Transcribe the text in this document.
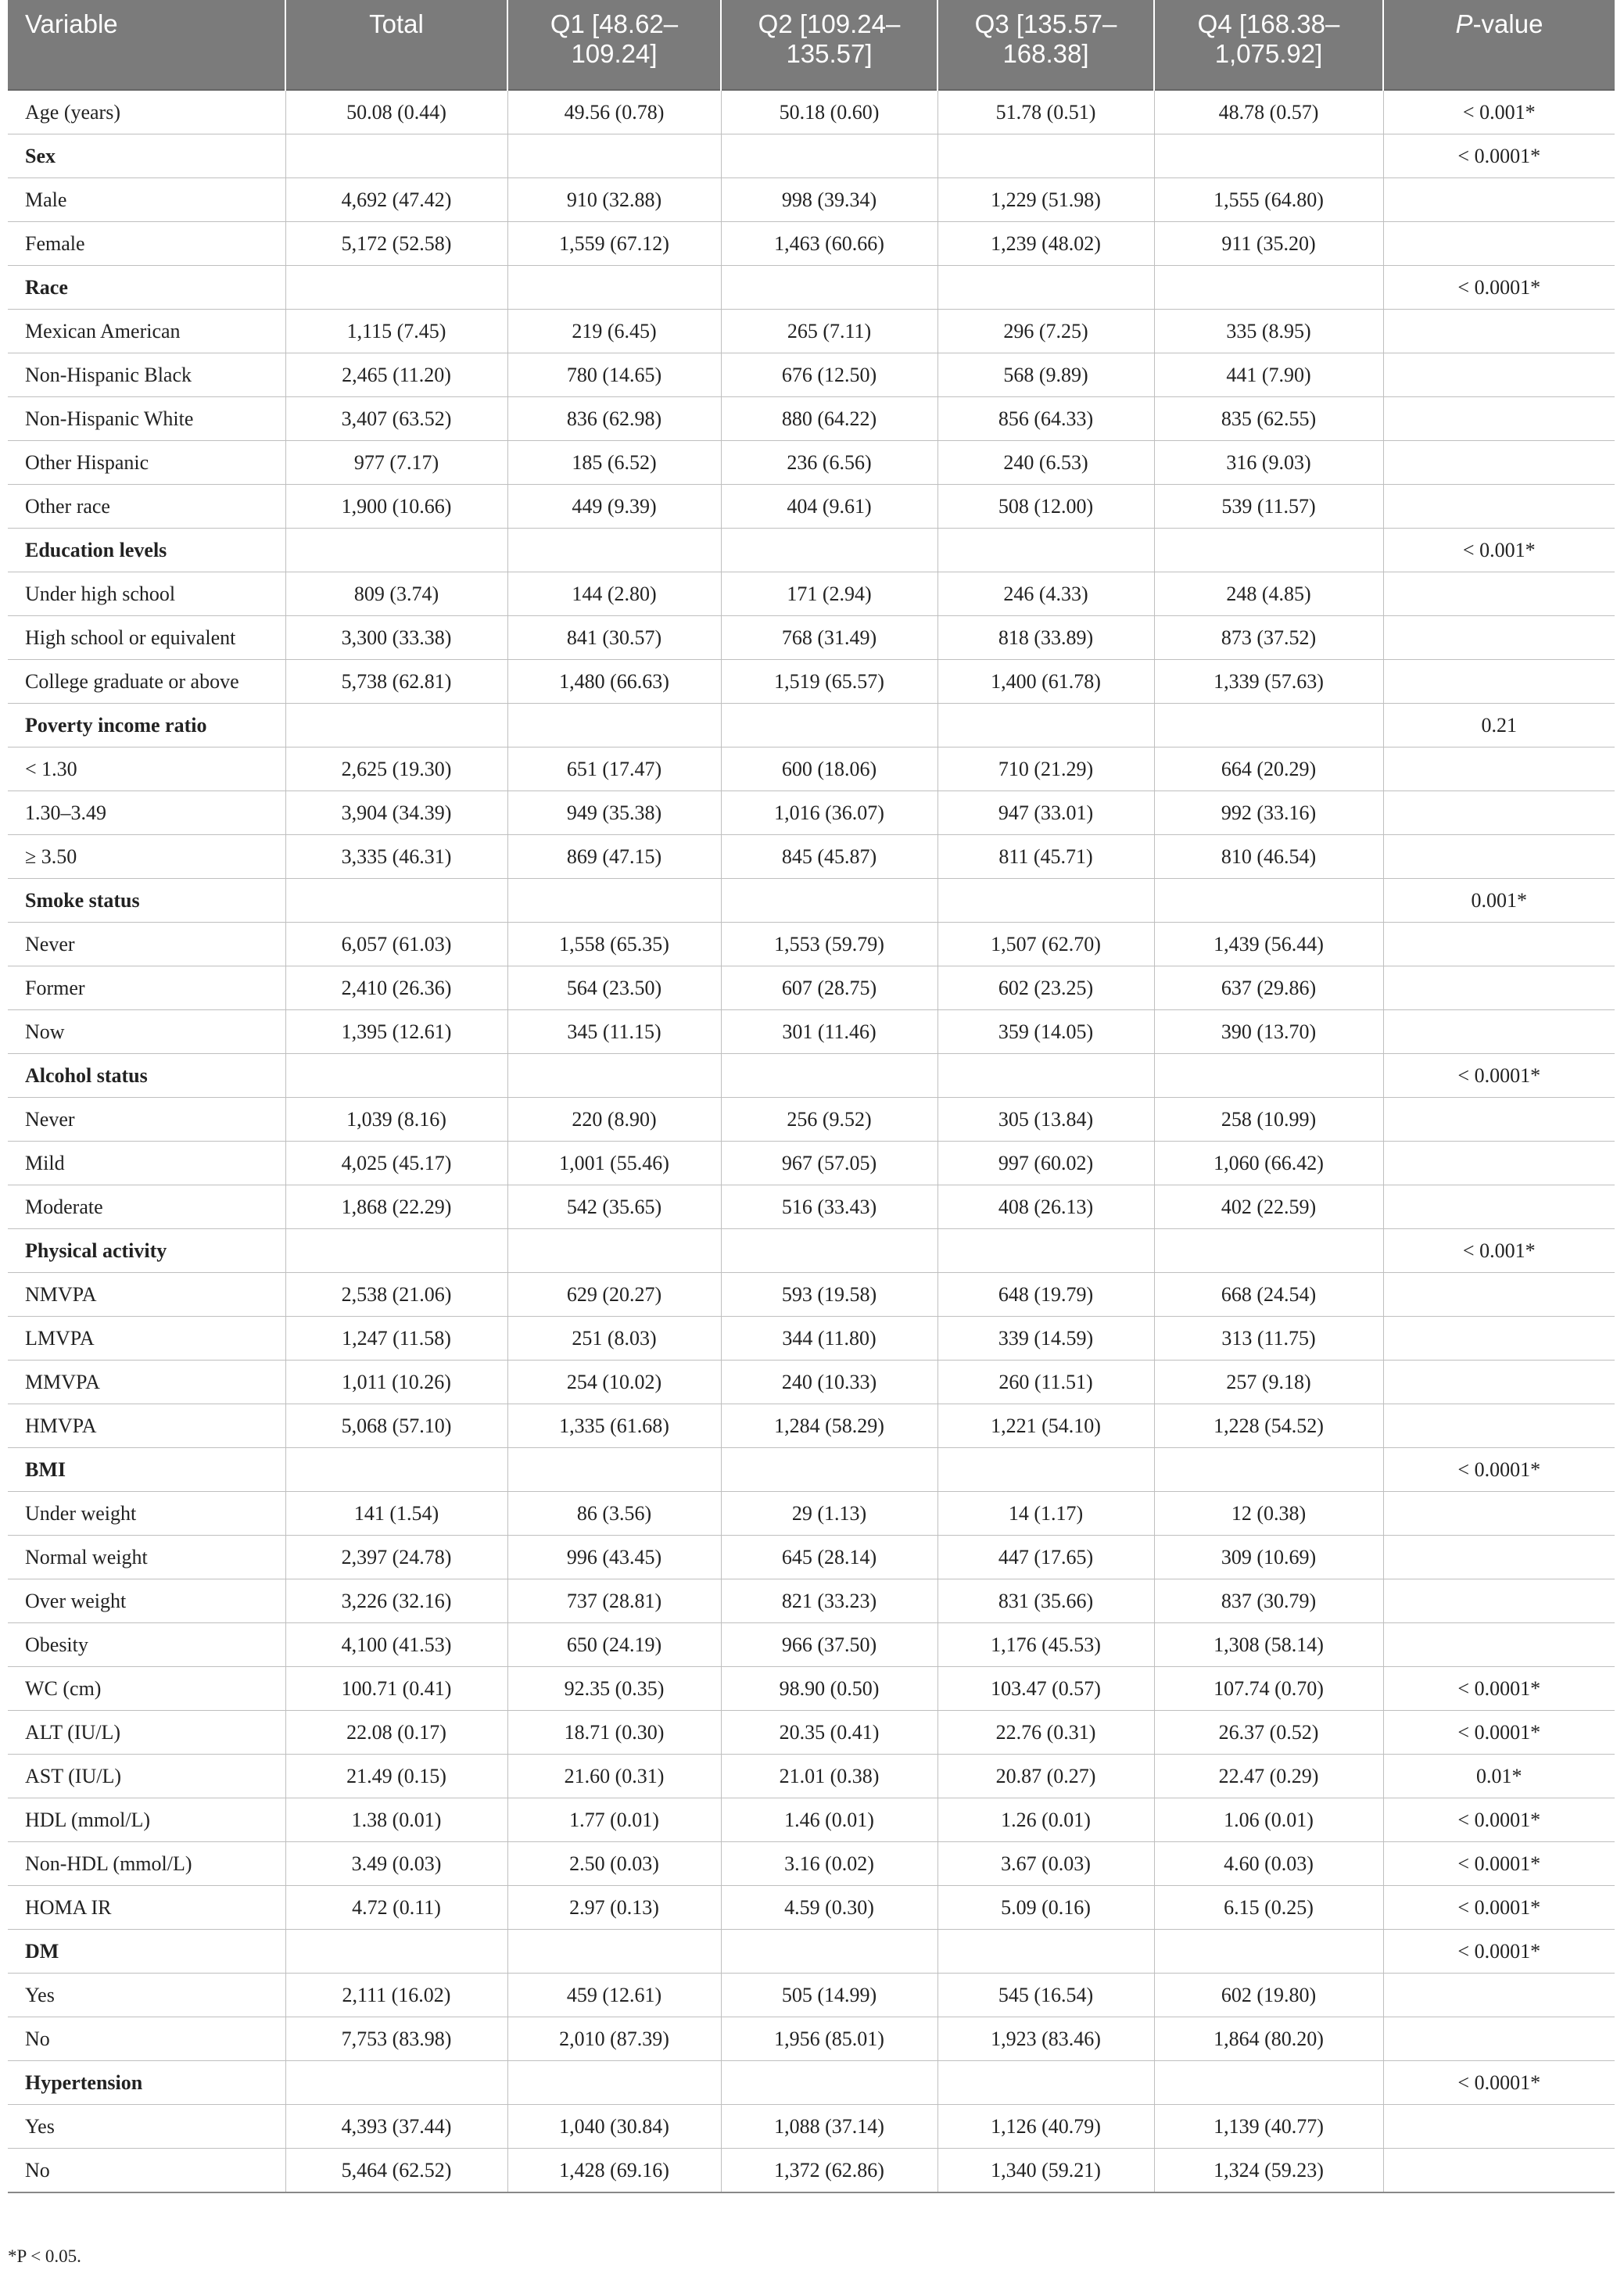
Variable	Total	Q1 [48.62–109.24]	Q2 [109.24–135.57]	Q3 [135.57–168.38]	Q4 [168.38–1,075.92]	P-value
Age (years)	50.08 (0.44)	49.56 (0.78)	50.18 (0.60)	51.78 (0.51)	48.78 (0.57)	< 0.001*
Sex						< 0.0001*
Male	4,692 (47.42)	910 (32.88)	998 (39.34)	1,229 (51.98)	1,555 (64.80)	
Female	5,172 (52.58)	1,559 (67.12)	1,463 (60.66)	1,239 (48.02)	911 (35.20)	
Race						< 0.0001*
Mexican American	1,115 (7.45)	219 (6.45)	265 (7.11)	296 (7.25)	335 (8.95)	
Non-Hispanic Black	2,465 (11.20)	780 (14.65)	676 (12.50)	568 (9.89)	441 (7.90)	
Non-Hispanic White	3,407 (63.52)	836 (62.98)	880 (64.22)	856 (64.33)	835 (62.55)	
Other Hispanic	977 (7.17)	185 (6.52)	236 (6.56)	240 (6.53)	316 (9.03)	
Other race	1,900 (10.66)	449 (9.39)	404 (9.61)	508 (12.00)	539 (11.57)	
Education levels						< 0.001*
Under high school	809 (3.74)	144 (2.80)	171 (2.94)	246 (4.33)	248 (4.85)	
High school or equivalent	3,300 (33.38)	841 (30.57)	768 (31.49)	818 (33.89)	873 (37.52)	
College graduate or above	5,738 (62.81)	1,480 (66.63)	1,519 (65.57)	1,400 (61.78)	1,339 (57.63)	
Poverty income ratio						0.21
< 1.30	2,625 (19.30)	651 (17.47)	600 (18.06)	710 (21.29)	664 (20.29)	
1.30–3.49	3,904 (34.39)	949 (35.38)	1,016 (36.07)	947 (33.01)	992 (33.16)	
≥ 3.50	3,335 (46.31)	869 (47.15)	845 (45.87)	811 (45.71)	810 (46.54)	
Smoke status						0.001*
Never	6,057 (61.03)	1,558 (65.35)	1,553 (59.79)	1,507 (62.70)	1,439 (56.44)	
Former	2,410 (26.36)	564 (23.50)	607 (28.75)	602 (23.25)	637 (29.86)	
Now	1,395 (12.61)	345 (11.15)	301 (11.46)	359 (14.05)	390 (13.70)	
Alcohol status						< 0.0001*
Never	1,039 (8.16)	220 (8.90)	256 (9.52)	305 (13.84)	258 (10.99)	
Mild	4,025 (45.17)	1,001 (55.46)	967 (57.05)	997 (60.02)	1,060 (66.42)	
Moderate	1,868 (22.29)	542 (35.65)	516 (33.43)	408 (26.13)	402 (22.59)	
Physical activity						< 0.001*
NMVPA	2,538 (21.06)	629 (20.27)	593 (19.58)	648 (19.79)	668 (24.54)	
LMVPA	1,247 (11.58)	251 (8.03)	344 (11.80)	339 (14.59)	313 (11.75)	
MMVPA	1,011 (10.26)	254 (10.02)	240 (10.33)	260 (11.51)	257 (9.18)	
HMVPA	5,068 (57.10)	1,335 (61.68)	1,284 (58.29)	1,221 (54.10)	1,228 (54.52)	
BMI						< 0.0001*
Under weight	141 (1.54)	86 (3.56)	29 (1.13)	14 (1.17)	12 (0.38)	
Normal weight	2,397 (24.78)	996 (43.45)	645 (28.14)	447 (17.65)	309 (10.69)	
Over weight	3,226 (32.16)	737 (28.81)	821 (33.23)	831 (35.66)	837 (30.79)	
Obesity	4,100 (41.53)	650 (24.19)	966 (37.50)	1,176 (45.53)	1,308 (58.14)	
WC (cm)	100.71 (0.41)	92.35 (0.35)	98.90 (0.50)	103.47 (0.57)	107.74 (0.70)	< 0.0001*
ALT (IU/L)	22.08 (0.17)	18.71 (0.30)	20.35 (0.41)	22.76 (0.31)	26.37 (0.52)	< 0.0001*
AST (IU/L)	21.49 (0.15)	21.60 (0.31)	21.01 (0.38)	20.87 (0.27)	22.47 (0.29)	0.01*
HDL (mmol/L)	1.38 (0.01)	1.77 (0.01)	1.46 (0.01)	1.26 (0.01)	1.06 (0.01)	< 0.0001*
Non-HDL (mmol/L)	3.49 (0.03)	2.50 (0.03)	3.16 (0.02)	3.67 (0.03)	4.60 (0.03)	< 0.0001*
HOMA IR	4.72 (0.11)	2.97 (0.13)	4.59 (0.30)	5.09 (0.16)	6.15 (0.25)	< 0.0001*
DM						< 0.0001*
Yes	2,111 (16.02)	459 (12.61)	505 (14.99)	545 (16.54)	602 (19.80)	
No	7,753 (83.98)	2,010 (87.39)	1,956 (85.01)	1,923 (83.46)	1,864 (80.20)	
Hypertension						< 0.0001*
Yes	4,393 (37.44)	1,040 (30.84)	1,088 (37.14)	1,126 (40.79)	1,139 (40.77)	
No	5,464 (62.52)	1,428 (69.16)	1,372 (62.86)	1,340 (59.21)	1,324 (59.23)	
*P < 0.05.
